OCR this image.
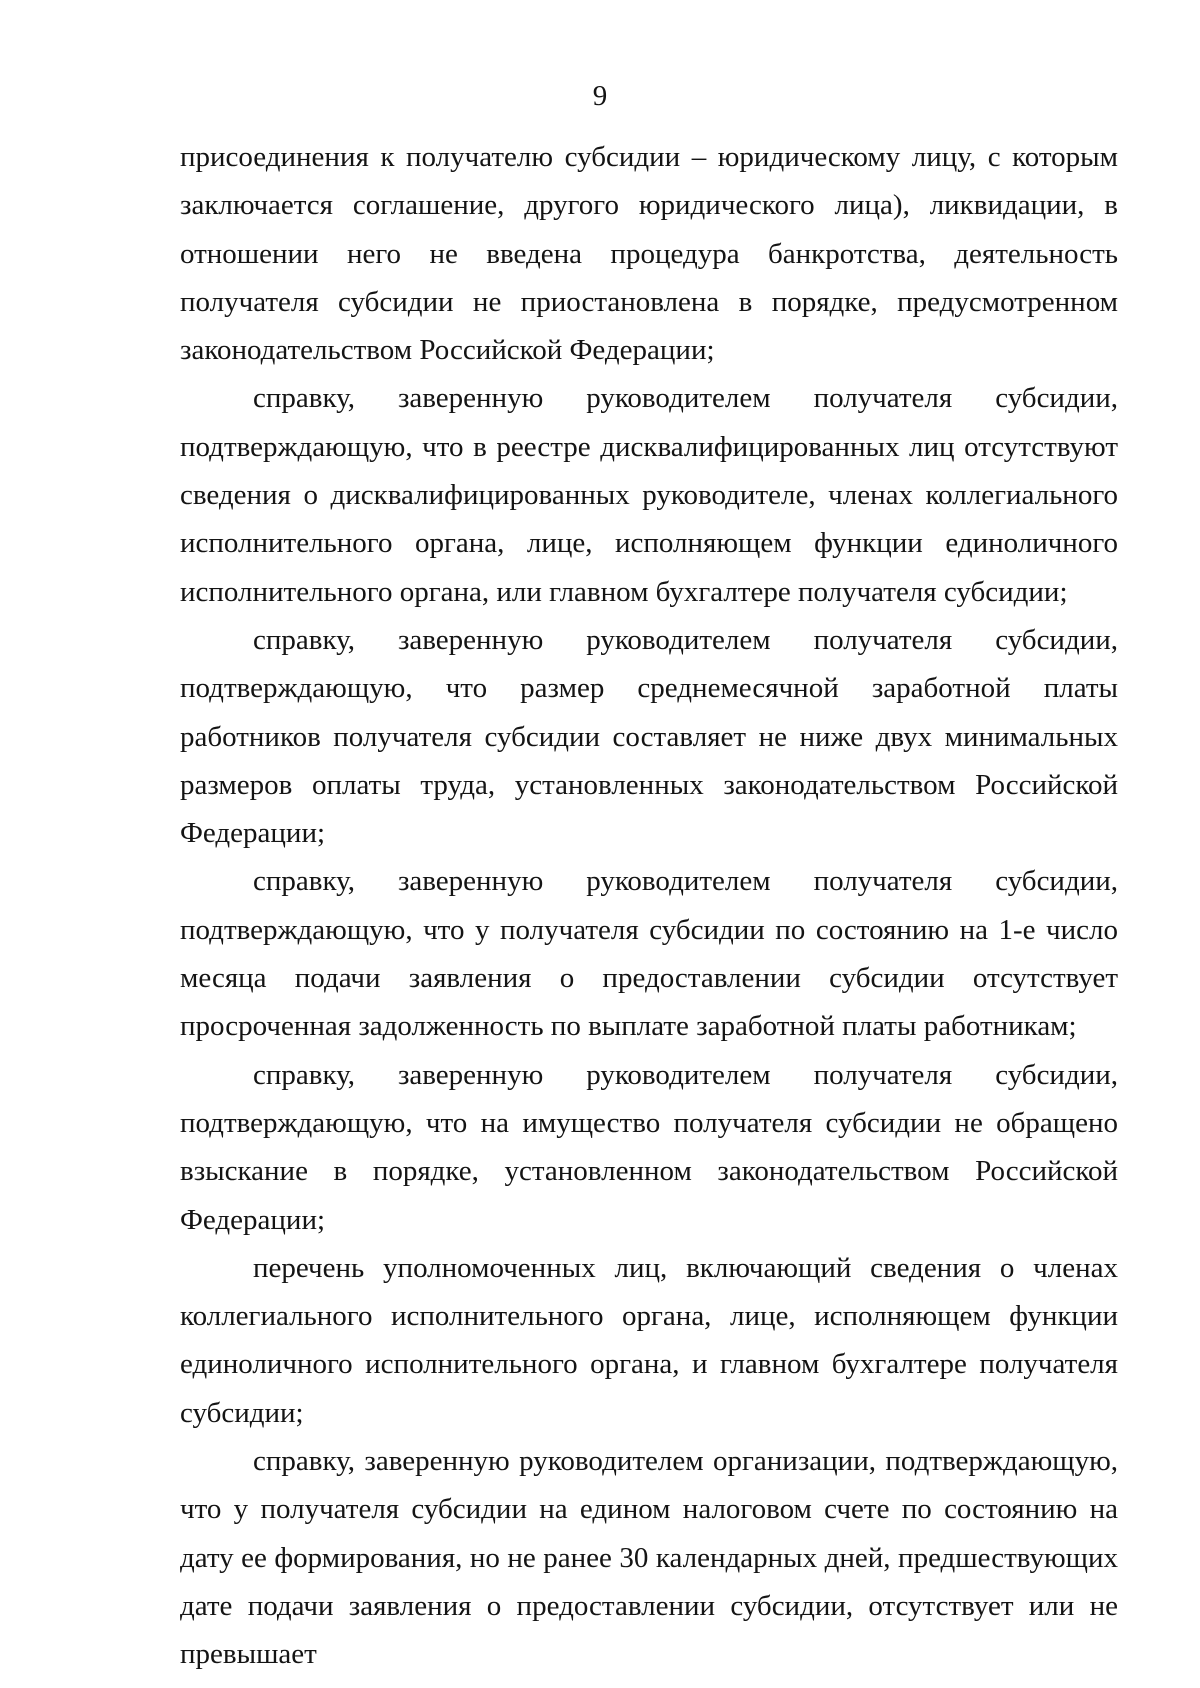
9

присоединения к получателю субсидии – юридическому лицу, с которым заключается соглашение, другого юридического лица), ликвидации, в отношении него не введена процедура банкротства, деятельность получателя субсидии не приостановлена в порядке, предусмотренном законодательством Российской Федерации;

справку, заверенную руководителем получателя субсидии, подтверждающую, что в реестре дисквалифицированных лиц отсутствуют сведения о дисквалифицированных руководителе, членах коллегиального исполнительного органа, лице, исполняющем функции единоличного исполнительного органа, или главном бухгалтере получателя субсидии;

справку, заверенную руководителем получателя субсидии, подтверждающую, что размер среднемесячной заработной платы работников получателя субсидии составляет не ниже двух минимальных размеров оплаты труда, установленных законодательством Российской Федерации;

справку, заверенную руководителем получателя субсидии, подтверждающую, что у получателя субсидии по состоянию на 1-е число месяца подачи заявления о предоставлении субсидии отсутствует просроченная задолженность по выплате заработной платы работникам;

справку, заверенную руководителем получателя субсидии, подтверждающую, что на имущество получателя субсидии не обращено взыскание в порядке, установленном законодательством Российской Федерации;

перечень уполномоченных лиц, включающий сведения о членах коллегиального исполнительного органа, лице, исполняющем функции единоличного исполнительного органа, и главном бухгалтере получателя субсидии;

справку, заверенную руководителем организации, подтверждающую, что у получателя субсидии на едином налоговом счете по состоянию на дату ее формирования, но не ранее 30 календарных дней, предшествующих дате подачи заявления о предоставлении субсидии, отсутствует или не превышает
